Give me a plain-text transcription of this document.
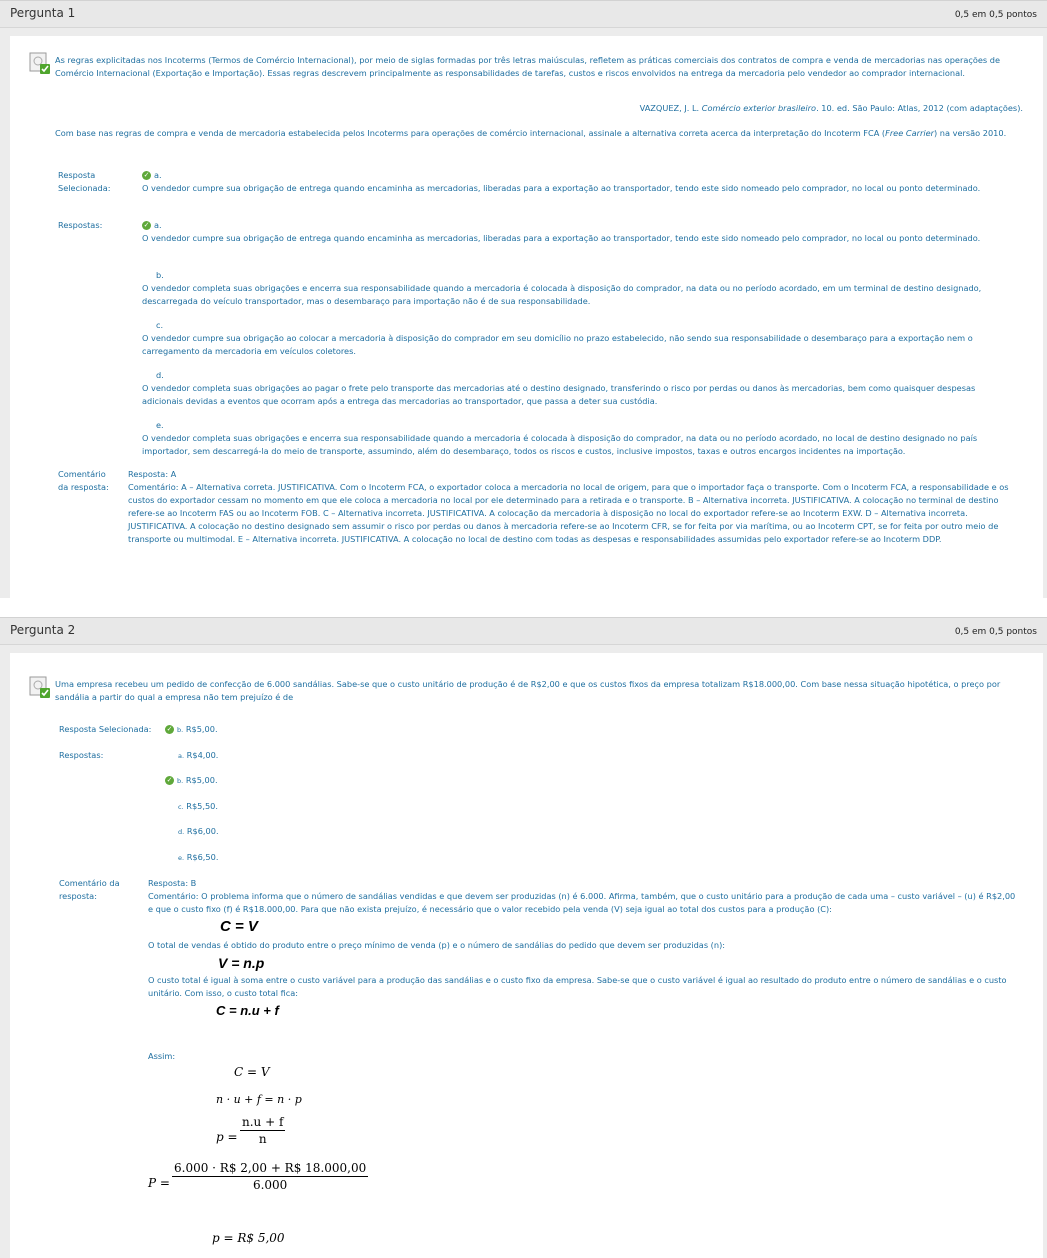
Pergunta 1	0,5 em 0,5 pontos
As regras explicitadas nos Incoterms (Termos de Comércio Internacional), por meio de siglas formadas por três letras maiúsculas, refletem as práticas comerciais dos contratos de compra e venda de mercadorias nas operações de Comércio Internacional (Exportação e Importação). Essas regras descrevem principalmente as responsabilidades de tarefas, custos e riscos envolvidos na entrega da mercadoria pelo vendedor ao comprador internacional.
VAZQUEZ, J. L. Comércio exterior brasileiro. 10. ed. São Paulo: Atlas, 2012 (com adaptações).
Com base nas regras de compra e venda de mercadoria estabelecida pelos Incoterms para operações de comércio internacional, assinale a alternativa correta acerca da interpretação do Incoterm FCA (Free Carrier) na versão 2010.
Resposta Selecionada:
✓ a.
O vendedor cumpre sua obrigação de entrega quando encaminha as mercadorias, liberadas para a exportação ao transportador, tendo este sido nomeado pelo comprador, no local ou ponto determinado.
Respostas:	✓ a.
O vendedor cumpre sua obrigação de entrega quando encaminha as mercadorias, liberadas para a exportação ao transportador, tendo este sido nomeado pelo comprador, no local ou ponto determinado.
b.
O vendedor completa suas obrigações e encerra sua responsabilidade quando a mercadoria é colocada à disposição do comprador, na data ou no período acordado, em um terminal de destino designado, descarregada do veículo transportador, mas o desembaraço para importação não é de sua responsabilidade.
c.
O vendedor cumpre sua obrigação ao colocar a mercadoria à disposição do comprador em seu domicílio no prazo estabelecido, não sendo sua responsabilidade o desembaraço para a exportação nem o carregamento da mercadoria em veículos coletores.
d.
O vendedor completa suas obrigações ao pagar o frete pelo transporte das mercadorias até o destino designado, transferindo o risco por perdas ou danos às mercadorias, bem como quaisquer despesas adicionais devidas a eventos que ocorram após a entrega das mercadorias ao transportador, que passa a deter sua custódia.
e.
O vendedor completa suas obrigações e encerra sua responsabilidade quando a mercadoria é colocada à disposição do comprador, na data ou no período acordado, no local de destino designado no país importador, sem descarregá-la do meio de transporte, assumindo, além do desembaraço, todos os riscos e custos, inclusive impostos, taxas e outros encargos incidentes na importação.
Comentário da resposta:
Resposta: A
Comentário: A – Alternativa correta. JUSTIFICATIVA. Com o Incoterm FCA, o exportador coloca a mercadoria no local de origem, para que o importador faça o transporte. Com o Incoterm FCA, a responsabilidade e os custos do exportador cessam no momento em que ele coloca a mercadoria no local por ele determinado para a retirada e o transporte. B – Alternativa incorreta. JUSTIFICATIVA. A colocação no terminal de destino refere-se ao Incoterm FAS ou ao Incoterm FOB. C – Alternativa incorreta. JUSTIFICATIVA. A colocação da mercadoria à disposição no local do exportador refere-se ao Incoterm EXW. D – Alternativa incorreta. JUSTIFICATIVA. A colocação no destino designado sem assumir o risco por perdas ou danos à mercadoria refere-se ao Incoterm CFR, se for feita por via marítima, ou ao Incoterm CPT, se for feita por outro meio de transporte ou multimodal. E – Alternativa incorreta. JUSTIFICATIVA. A colocação no local de destino com todas as despesas e responsabilidades assumidas pelo exportador refere-se ao Incoterm DDP.
Pergunta 2	0,5 em 0,5 pontos
Uma empresa recebeu um pedido de confecção de 6.000 sandálias. Sabe-se que o custo unitário de produção é de R$2,00 e que os custos fixos da empresa totalizam R$18.000,00. Com base nessa situação hipotética, o preço por sandália a partir do qual a empresa não tem prejuízo é de
Resposta Selecionada: ✓ b. R$5,00.
Respostas:	a. R$4,00.
✓ b. R$5,00.
c. R$5,50.
d. R$6,00.
e. R$6,50.
Comentário da resposta:
Resposta: B
Comentário: O problema informa que o número de sandálias vendidas e que devem ser produzidas (n) é 6.000. Afirma, também, que o custo unitário para a produção de cada uma – custo variável – (u) é R$2,00 e que o custo fixo (f) é R$18.000,00. Para que não exista prejuízo, é necessário que o valor recebido pela venda (V) seja igual ao total dos custos para a produção (C):
C = V
O total de vendas é obtido do produto entre o preço mínimo de venda (p) e o número de sandálias do pedido que devem ser produzidas (n):
V = n.p
O custo total é igual à soma entre o custo variável para a produção das sandálias e o custo fixo da empresa. Sabe-se que o custo variável é igual ao resultado do produto entre o número de sandálias e o custo unitário. Com isso, o custo total fica:
C = n.u + f
Assim:
C = V
n · u + f = n · p
$p = \frac{n.u + f}{n}$
$P = \frac{6.000 \cdot R\$ 2,00 + R\$ 18.000,00}{6.000}$
p = R$ 5,00
